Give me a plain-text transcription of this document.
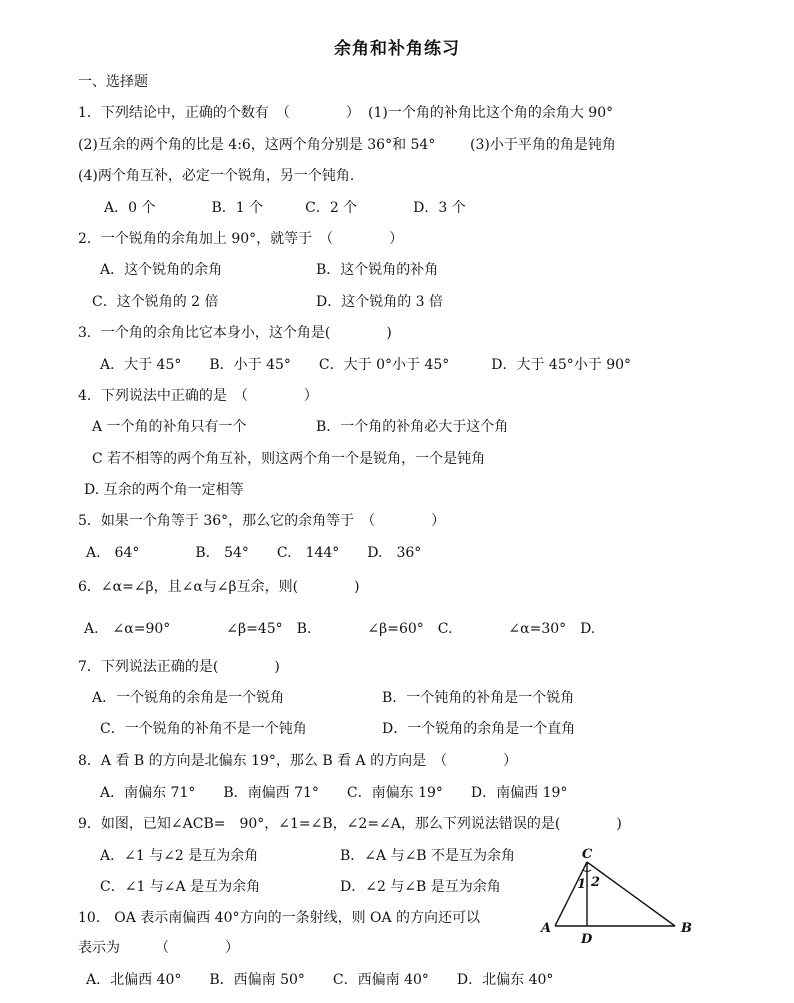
余角和补角练习
一、选择题
1．下列结论中，正确的个数有　（　　　　） (1)一个角的补角比这个角的余角大 90°
(2)互余的两个角的比是 4:6，这两个角分别是 36°和 54° (3)小于平角的角是钝角
(4)两个角互补，必定一个锐角，另一个钝角．
A．0 个　　　　B．1 个　　　C．2 个　　　　D．3 个
2．一个锐角的余角加上 90°，就等于　（　　　　）
A．这个锐角的余角	B．这个锐角的补角
C．这个锐角的 2 倍	D．这个锐角的 3 倍
3．一个角的余角比它本身小，这个角是(　　　　)
A．大于 45°　　B．小于 45°　　C．大于 0°小于 45°　　　D．大于 45°小于 90°
4．下列说法中正确的是　（　　　　）
A 一个角的补角只有一个	B．一个角的补角必大于这个角
C 若不相等的两个角互补，则这两个角一个是锐角，一个是钝角
D. 互余的两个角一定相等
5．如果一个角等于 36°，那么它的余角等于　（　　　　）
A.　64°　　　　B.　54°　　C.　144°　　D.　36°
6．∠α=∠β，且∠α与∠β互余，则(　　　　)
A.　∠α=90°　　　　∠β=45°　B.　　　　∠β=60°　C.　　　　∠α=30°　D.
7．下列说法正确的是(　　　　)
A．一个锐角的余角是一个锐角	B．一个钝角的补角是一个锐角
C．一个锐角的补角不是一个钝角	D．一个锐角的余角是一个直角
8．A 看 B 的方向是北偏东 19°，那么 B 看 A 的方向是　（　　　　）
A．南偏东 71°　　B．南偏西 71°　　C．南偏东 19°　　D．南偏西 19°
9．如图，已知∠ACB=　90°，∠1=∠B，∠2=∠A，那么下列说法错误的是(　　　　)
A．∠1 与∠2 是互为余角	B．∠A 与∠B 不是互为余角
C．∠1 与∠A 是互为余角	D．∠2 与∠B 是互为余角
10.　OA 表示南偏西 40°方向的一条射线，则 OA 的方向还可以
表示为　　　（　　　　）
A．北偏西 40°　　B．西偏南 50°　　C．西偏南 40°　　D．北偏东 40°
C
A	B
D
1 2
